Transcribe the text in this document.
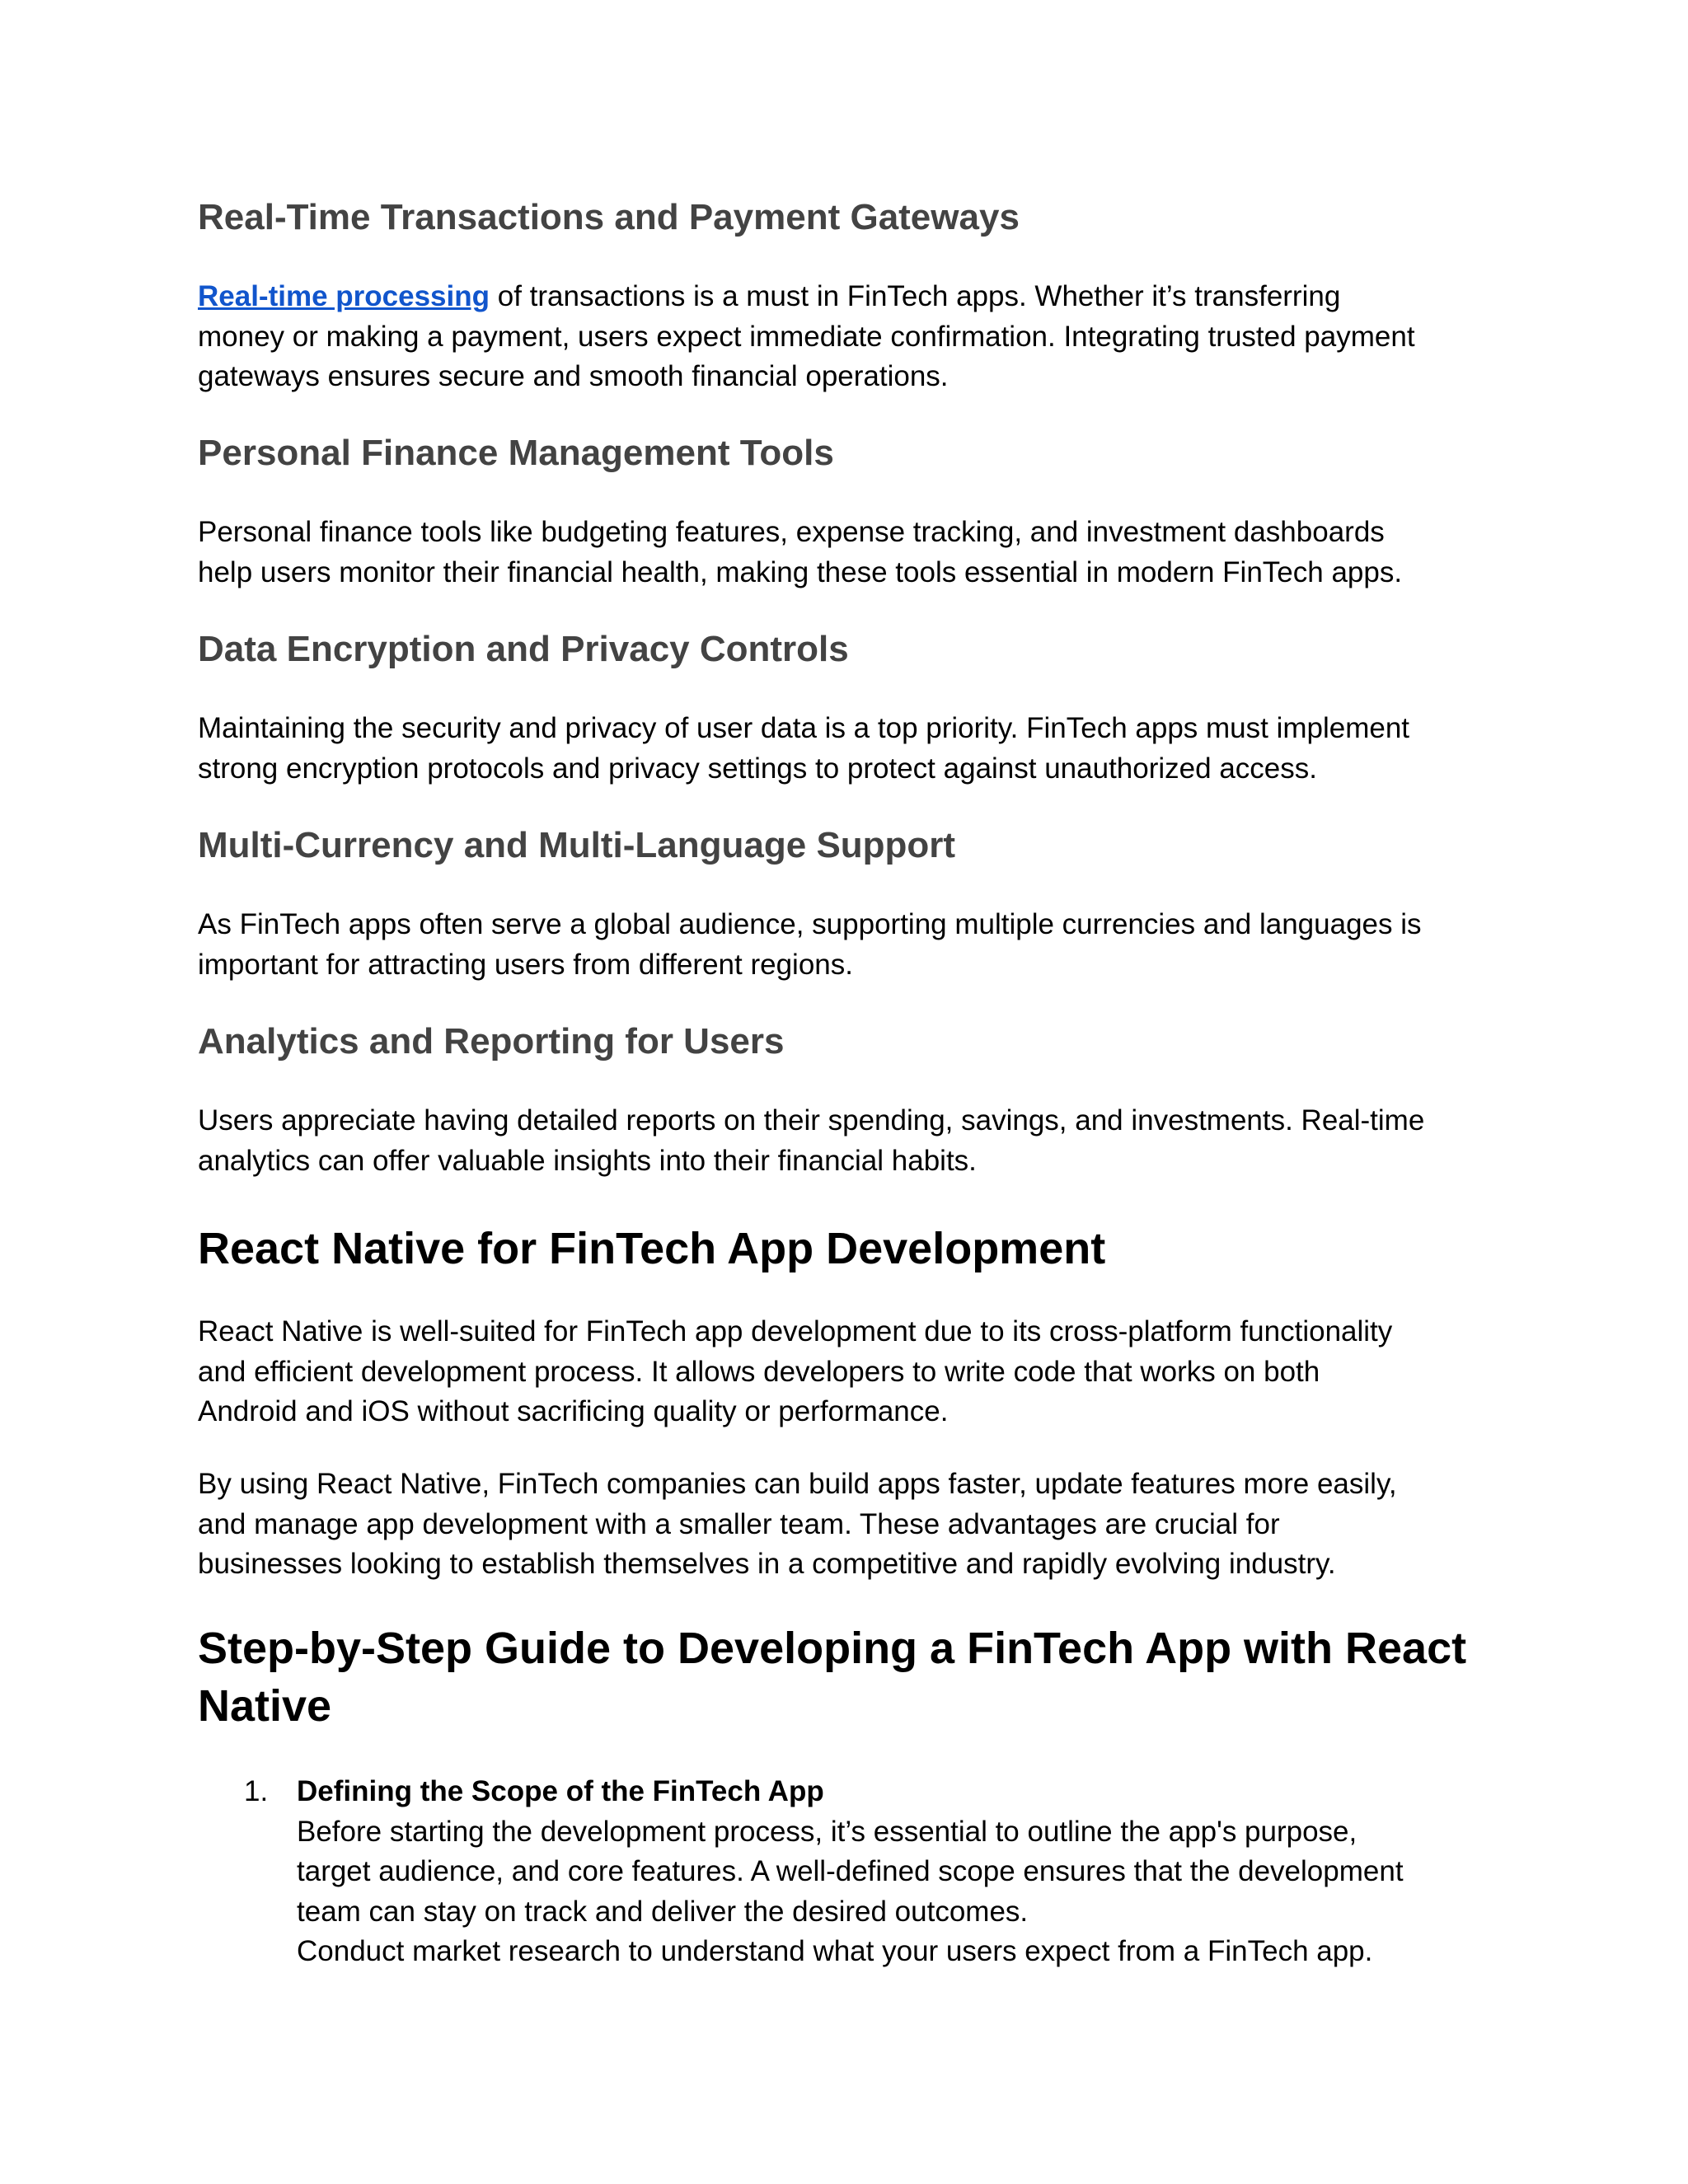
Real-Time Transactions and Payment Gateways

Real-time processing of transactions is a must in FinTech apps. Whether it’s transferring
money or making a payment, users expect immediate confirmation. Integrating trusted payment
gateways ensures secure and smooth financial operations.

Personal Finance Management Tools

Personal finance tools like budgeting features, expense tracking, and investment dashboards
help users monitor their financial health, making these tools essential in modern FinTech apps.

Data Encryption and Privacy Controls

Maintaining the security and privacy of user data is a top priority. FinTech apps must implement
strong encryption protocols and privacy settings to protect against unauthorized access.

Multi-Currency and Multi-Language Support

As FinTech apps often serve a global audience, supporting multiple currencies and languages is
important for attracting users from different regions.

Analytics and Reporting for Users

Users appreciate having detailed reports on their spending, savings, and investments. Real-time
analytics can offer valuable insights into their financial habits.

React Native for FinTech App Development

React Native is well-suited for FinTech app development due to its cross-platform functionality
and efficient development process. It allows developers to write code that works on both
Android and iOS without sacrificing quality or performance.

By using React Native, FinTech companies can build apps faster, update features more easily,
and manage app development with a smaller team. These advantages are crucial for
businesses looking to establish themselves in a competitive and rapidly evolving industry.

Step-by-Step Guide to Developing a FinTech App with React
Native
1. Defining the Scope of the FinTech App
Before starting the development process, it’s essential to outline the app's purpose,
target audience, and core features. A well-defined scope ensures that the development
team can stay on track and deliver the desired outcomes.
Conduct market research to understand what your users expect from a FinTech app.
